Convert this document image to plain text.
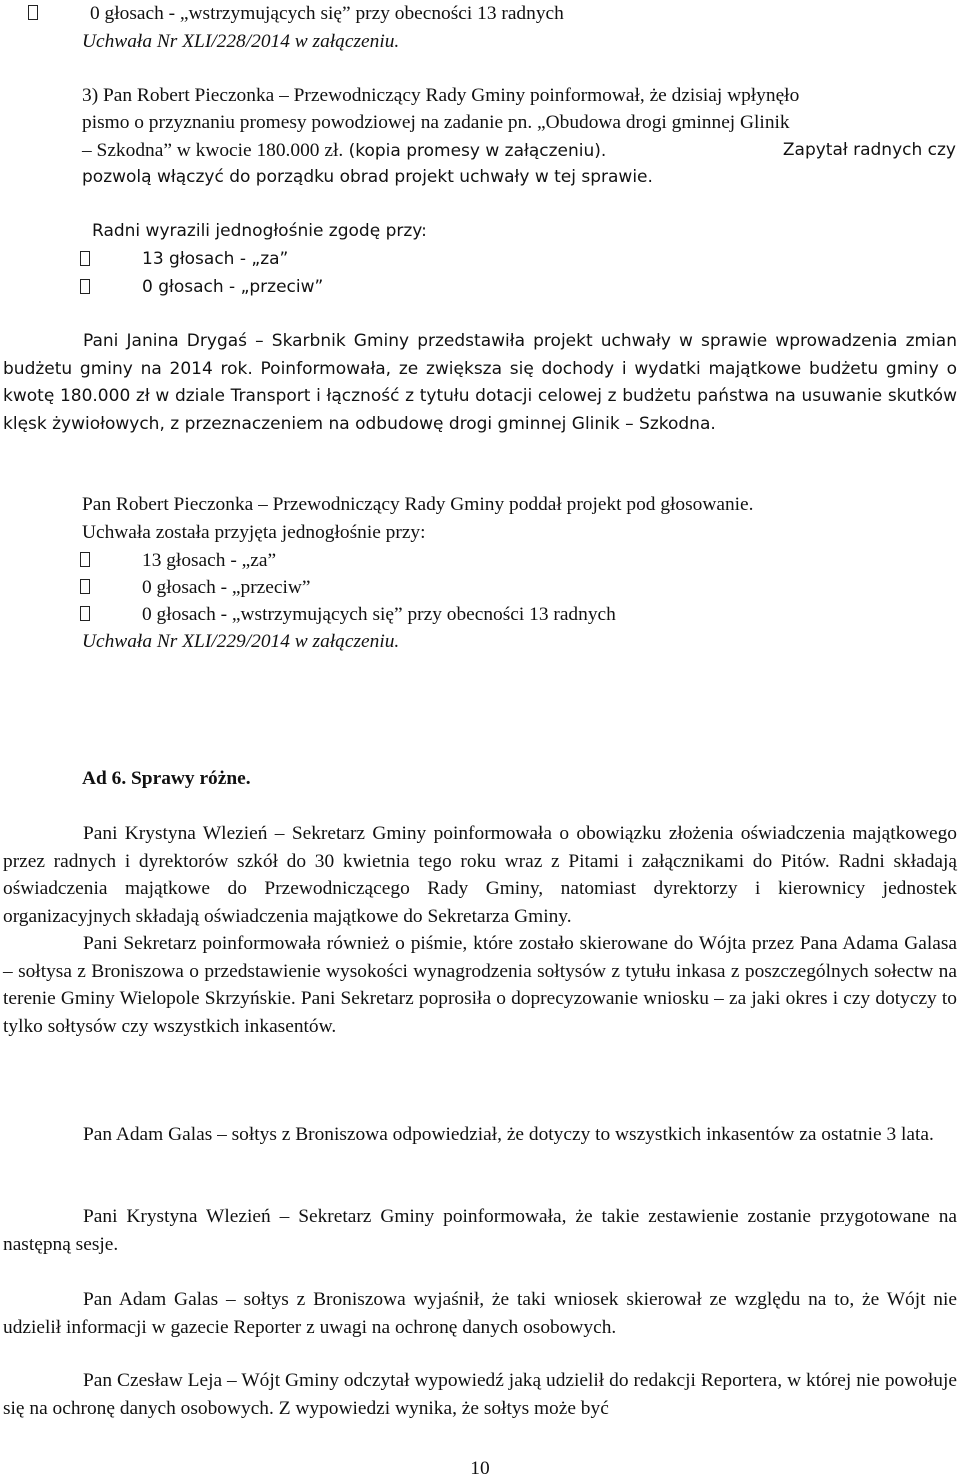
0 głosach - „wstrzymujących się” przy obecności 13 radnych
Uchwała Nr XLI/228/2014 w załączeniu.
3) Pan Robert Pieczonka – Przewodniczący Rady Gminy poinformował, że dzisiaj wpłynęło
pismo o przyznaniu promesy powodziowej na zadanie pn. „Obudowa drogi gminnej Glinik
– Szkodna” w kwocie 180.000 zł. (kopia promesy w załączeniu).	Zapytał radnych czy
pozwolą włączyć do porządku obrad projekt uchwały w tej sprawie.
Radni wyrazili jednogłośnie zgodę przy:
13 głosach - „za”
0 głosach - „przeciw”

Pani Janina Drygaś – Skarbnik Gminy przedstawiła projekt uchwały w sprawie wprowadzenia zmian budżetu gminy na 2014 rok. Poinformowała, ze zwiększa się dochody i wydatki majątkowe budżetu gminy o kwotę 180.000 zł w dziale Transport i łączność z tytułu dotacji celowej z budżetu państwa na usuwanie skutków klęsk żywiołowych, z przeznaczeniem na odbudowę drogi gminnej Glinik – Szkodna.

Pan Robert Pieczonka – Przewodniczący Rady Gminy poddał projekt pod głosowanie.
Uchwała została przyjęta jednogłośnie przy:
13 głosach - „za”
0 głosach - „przeciw”
0 głosach - „wstrzymujących się” przy obecności 13 radnych
Uchwała Nr XLI/229/2014 w załączeniu.
Ad 6. Sprawy różne.

Pani Krystyna Wlezień – Sekretarz Gminy poinformowała o obowiązku złożenia oświadczenia majątkowego przez radnych i dyrektorów szkół do 30 kwietnia tego roku wraz z Pitami i załącznikami do Pitów. Radni składają oświadczenia majątkowe do Przewodniczącego Rady Gminy, natomiast dyrektorzy i kierownicy jednostek organizacyjnych składają oświadczenia majątkowe do Sekretarza Gminy.

Pani Sekretarz poinformowała również o piśmie, które zostało skierowane do Wójta przez Pana Adama Galasa – sołtysa z Broniszowa o przedstawienie wysokości wynagrodzenia sołtysów z tytułu inkasa z poszczególnych sołectw na terenie Gminy Wielopole Skrzyńskie. Pani Sekretarz poprosiła o doprecyzowanie wniosku – za jaki okres i czy dotyczy to tylko sołtysów czy wszystkich inkasentów.

Pan Adam Galas – sołtys z Broniszowa odpowiedział, że dotyczy to wszystkich inkasentów za ostatnie 3 lata.

Pani Krystyna Wlezień – Sekretarz Gminy poinformowała, że takie zestawienie zostanie przygotowane na następną sesje.

Pan Adam Galas – sołtys z Broniszowa wyjaśnił, że taki wniosek skierował ze względu na to, że Wójt nie udzielił informacji w gazecie Reporter z uwagi na ochronę danych osobowych.

Pan Czesław Leja – Wójt Gminy odczytał wypowiedź jaką udzielił do redakcji Reportera, w której nie powołuje się na ochronę danych osobowych. Z wypowiedzi wynika, że sołtys może być

10
